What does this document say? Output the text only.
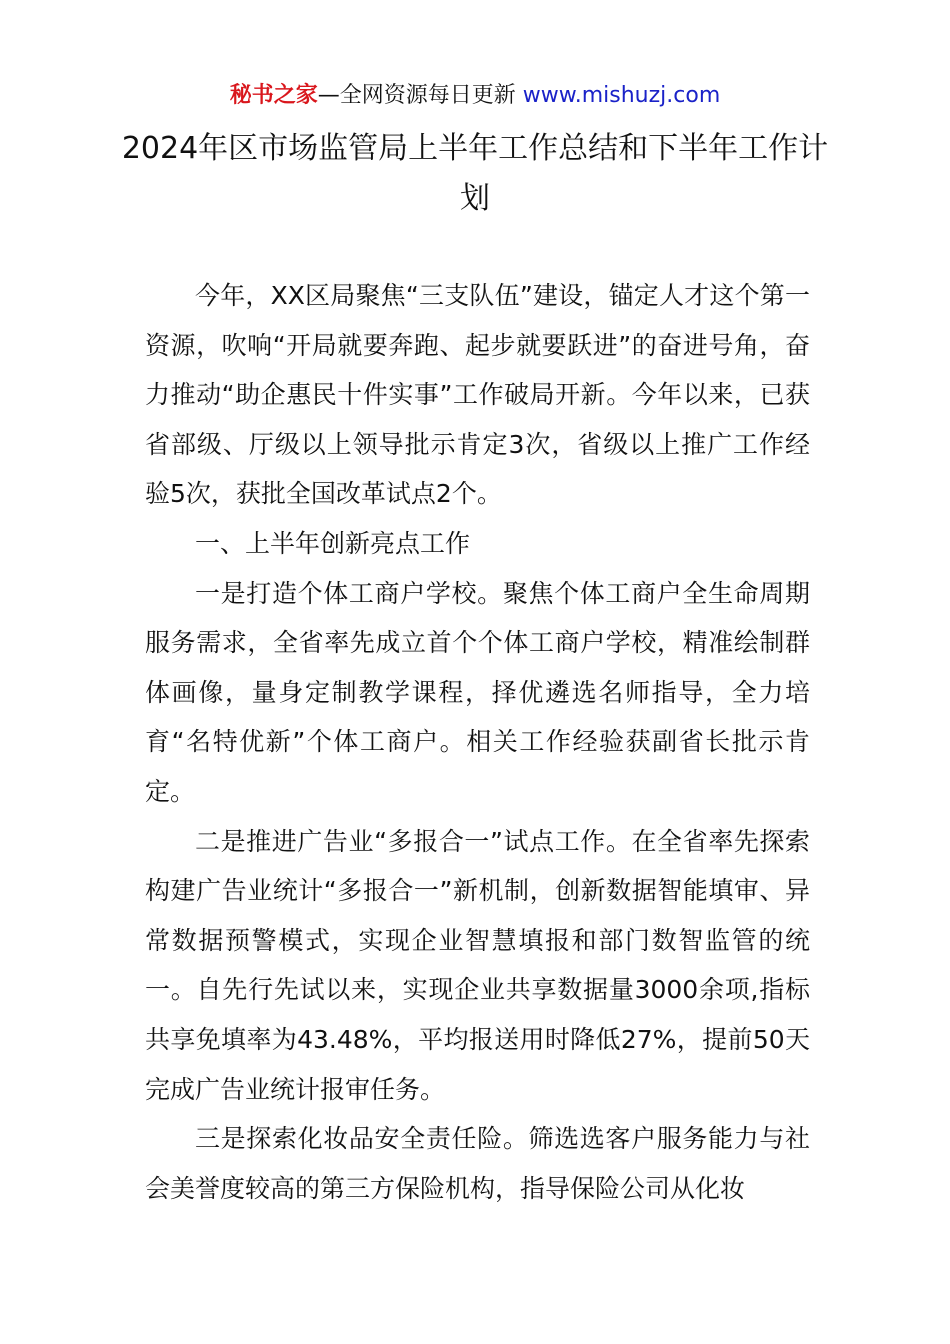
秘书之家—全网资源每日更新 www.mishuzj.com
2024年区市场监管局上半年工作总结和下半年工作计划

今年，XX区局聚焦“三支队伍”建设，锚定人才这个第一资源，吹响“开局就要奔跑、起步就要跃进”的奋进号角，奋力推动“助企惠民十件实事”工作破局开新。今年以来，已获省部级、厅级以上领导批示肯定3次，省级以上推广工作经验5次，获批全国改革试点2个。

一、上半年创新亮点工作

一是打造个体工商户学校。聚焦个体工商户全生命周期服务需求，全省率先成立首个个体工商户学校，精准绘制群体画像，量身定制教学课程，择优遴选名师指导，全力培育“名特优新”个体工商户。相关工作经验获副省长批示肯定。

二是推进广告业“多报合一”试点工作。在全省率先探索构建广告业统计“多报合一”新机制，创新数据智能填审、异常数据预警模式，实现企业智慧填报和部门数智监管的统一。自先行先试以来，实现企业共享数据量3000余项,指标共享免填率为43.48%，平均报送用时降低27%，提前50天完成广告业统计报审任务。

三是探索化妆品安全责任险。筛选选客户服务能力与社会美誉度较高的第三方保险机构，指导保险公司从化妆
